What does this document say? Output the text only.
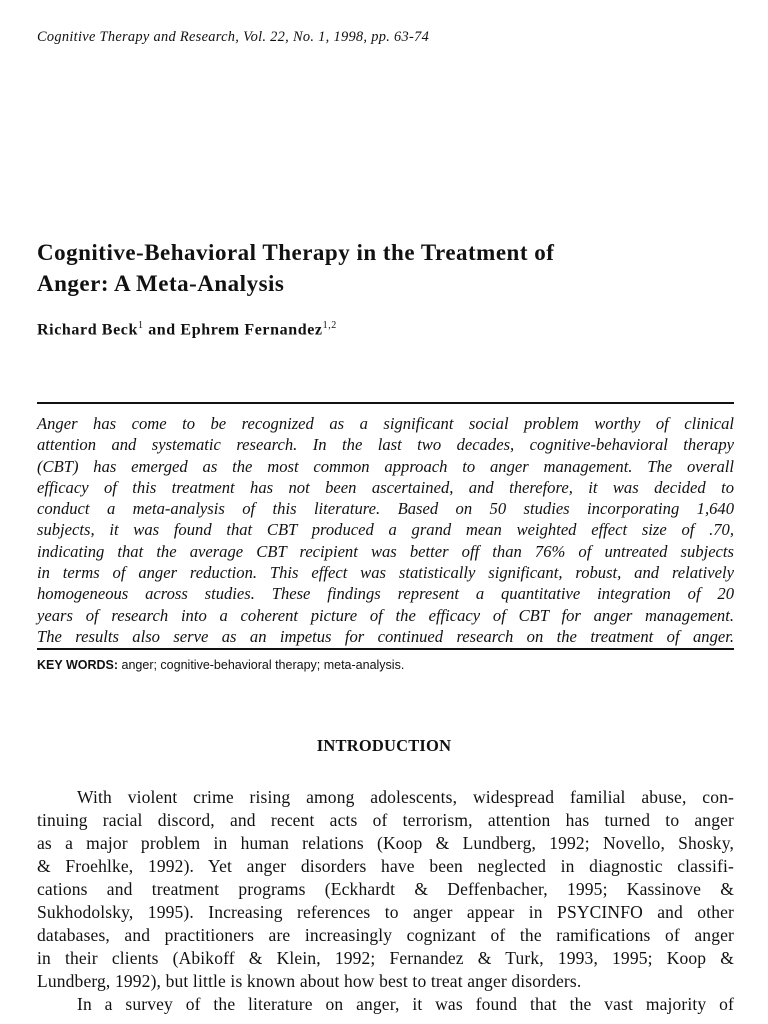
Cognitive Therapy and Research, Vol. 22, No. 1, 1998, pp. 63-74
Cognitive-Behavioral Therapy in the Treatment of
Anger: A Meta-Analysis
Richard Beck$^1$ and Ephrem Fernandez$^{1,2}$
Anger has come to be recognized as a significant social problem worthy of clinical
attention and systematic research. In the last two decades, cognitive-behavioral therapy
(CBT) has emerged as the most common approach to anger management. The overall
efficacy of this treatment has not been ascertained, and therefore, it was decided to
conduct a meta-analysis of this literature. Based on 50 studies incorporating 1,640
subjects, it was found that CBT produced a grand mean weighted effect size of .70,
indicating that the average CBT recipient was better off than 76% of untreated subjects
in terms of anger reduction. This effect was statistically significant, robust, and relatively
homogeneous across studies. These findings represent a quantitative integration of 20
years of research into a coherent picture of the efficacy of CBT for anger management.
The results also serve as an impetus for continued research on the treatment of anger.
KEY WORDS: anger; cognitive-behavioral therapy; meta-analysis.
INTRODUCTION
With violent crime rising among adolescents, widespread familial abuse, con-
tinuing racial discord, and recent acts of terrorism, attention has turned to anger
as a major problem in human relations (Koop & Lundberg, 1992; Novello, Shosky,
& Froehlke, 1992). Yet anger disorders have been neglected in diagnostic classifi-
cations and treatment programs (Eckhardt & Deffenbacher, 1995; Kassinove &
Sukhodolsky, 1995). Increasing references to anger appear in PSYCINFO and other
databases, and practitioners are increasingly cognizant of the ramifications of anger
in their clients (Abikoff & Klein, 1992; Fernandez & Turk, 1993, 1995; Koop &
Lundberg, 1992), but little is known about how best to treat anger disorders.
In a survey of the literature on anger, it was found that the vast majority of
